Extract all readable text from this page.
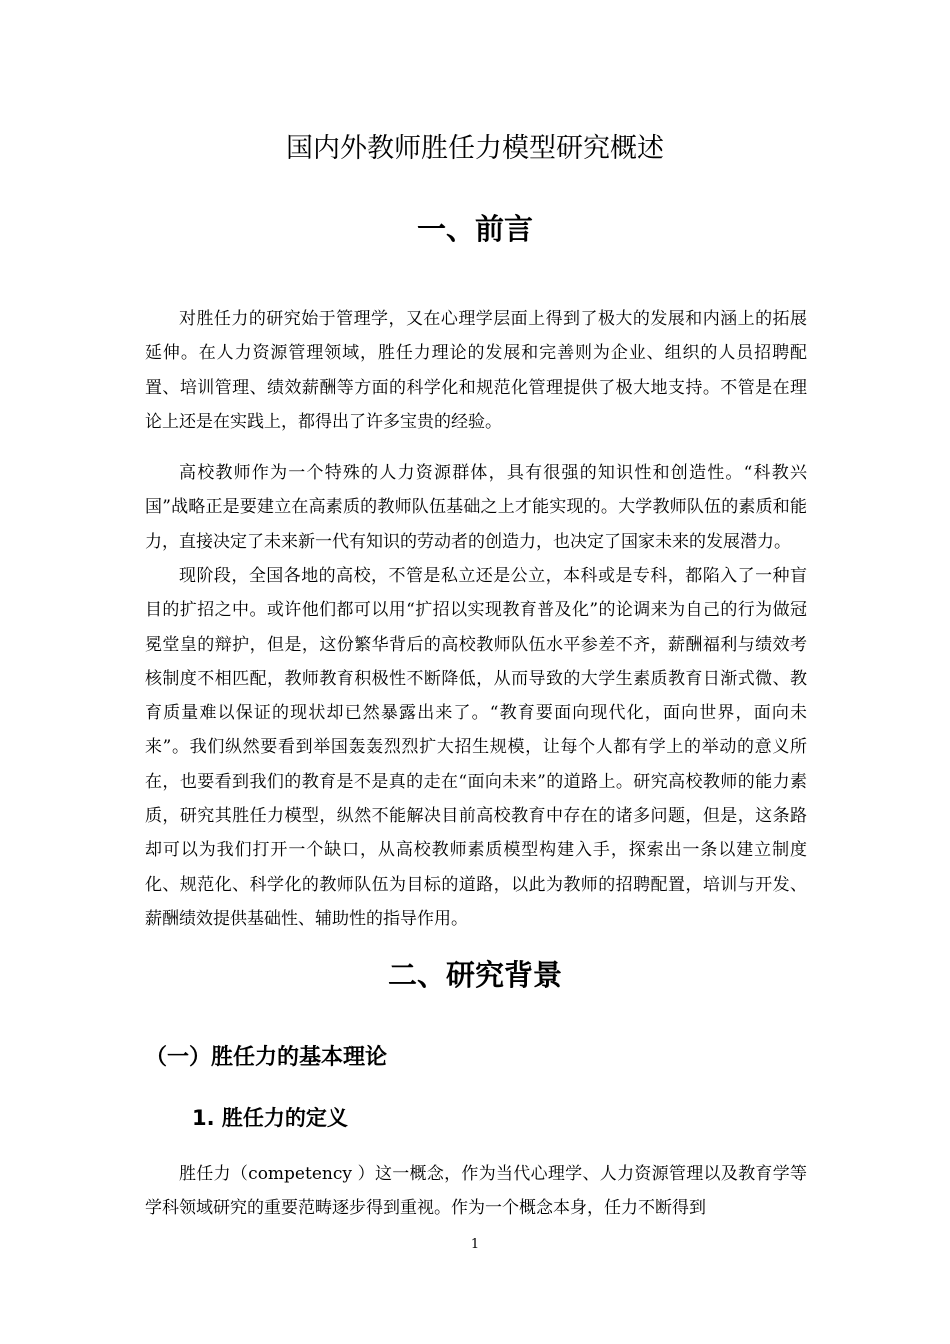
国内外教师胜任力模型研究概述
一、前言

对胜任力的研究始于管理学，又在心理学层面上得到了极大的发展和内涵上的拓展延伸。在人力资源管理领域，胜任力理论的发展和完善则为企业、组织的人员招聘配置、培训管理、绩效薪酬等方面的科学化和规范化管理提供了极大地支持。不管是在理论上还是在实践上，都得出了许多宝贵的经验。

高校教师作为一个特殊的人力资源群体，具有很强的知识性和创造性。“科教兴国”战略正是要建立在高素质的教师队伍基础之上才能实现的。大学教师队伍的素质和能力，直接决定了未来新一代有知识的劳动者的创造力，也决定了国家未来的发展潜力。

现阶段，全国各地的高校，不管是私立还是公立，本科或是专科，都陷入了一种盲目的扩招之中。或许他们都可以用“扩招以实现教育普及化”的论调来为自己的行为做冠冕堂皇的辩护，但是，这份繁华背后的高校教师队伍水平参差不齐，薪酬福利与绩效考核制度不相匹配，教师教育积极性不断降低，从而导致的大学生素质教育日渐式微、教育质量难以保证的现状却已然暴露出来了。“教育要面向现代化，面向世界，面向未来”。我们纵然要看到举国轰轰烈烈扩大招生规模，让每个人都有学上的举动的意义所在，也要看到我们的教育是不是真的走在“面向未来”的道路上。研究高校教师的能力素质，研究其胜任力模型，纵然不能解决目前高校教育中存在的诸多问题，但是，这条路却可以为我们打开一个缺口，从高校教师素质模型构建入手，探索出一条以建立制度化、规范化、科学化的教师队伍为目标的道路，以此为教师的招聘配置，培训与开发、薪酬绩效提供基础性、辅助性的指导作用。

二、研究背景
（一）胜任力的基本理论
1. 胜任力的定义

胜任力（competency ）这一概念，作为当代心理学、人力资源管理以及教育学等学科领域研究的重要范畴逐步得到重视。作为一个概念本身，任力不断得到

1
